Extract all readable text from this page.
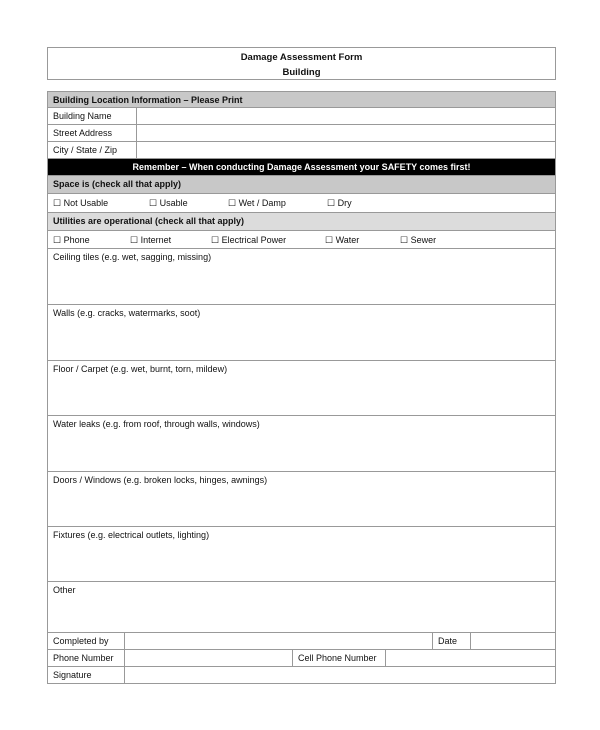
Damage Assessment Form
Building
Building Location Information – Please Print
Building Name
Street Address
City / State / Zip
Remember – When conducting Damage Assessment your SAFETY comes first!
Space is (check all that apply)
☐ Not Usable	☐ Usable	☐ Wet / Damp	☐ Dry
Utilities are operational (check all that apply)
☐ Phone	☐ Internet	☐ Electrical Power	☐ Water	☐ Sewer
Ceiling tiles (e.g. wet, sagging, missing)
Walls (e.g. cracks, watermarks, soot)
Floor / Carpet (e.g. wet, burnt, torn, mildew)
Water leaks (e.g. from roof, through walls, windows)
Doors / Windows (e.g. broken locks, hinges, awnings)
Fixtures (e.g. electrical outlets, lighting)
Other
Completed by	Date
Phone Number	Cell Phone Number
Signature
